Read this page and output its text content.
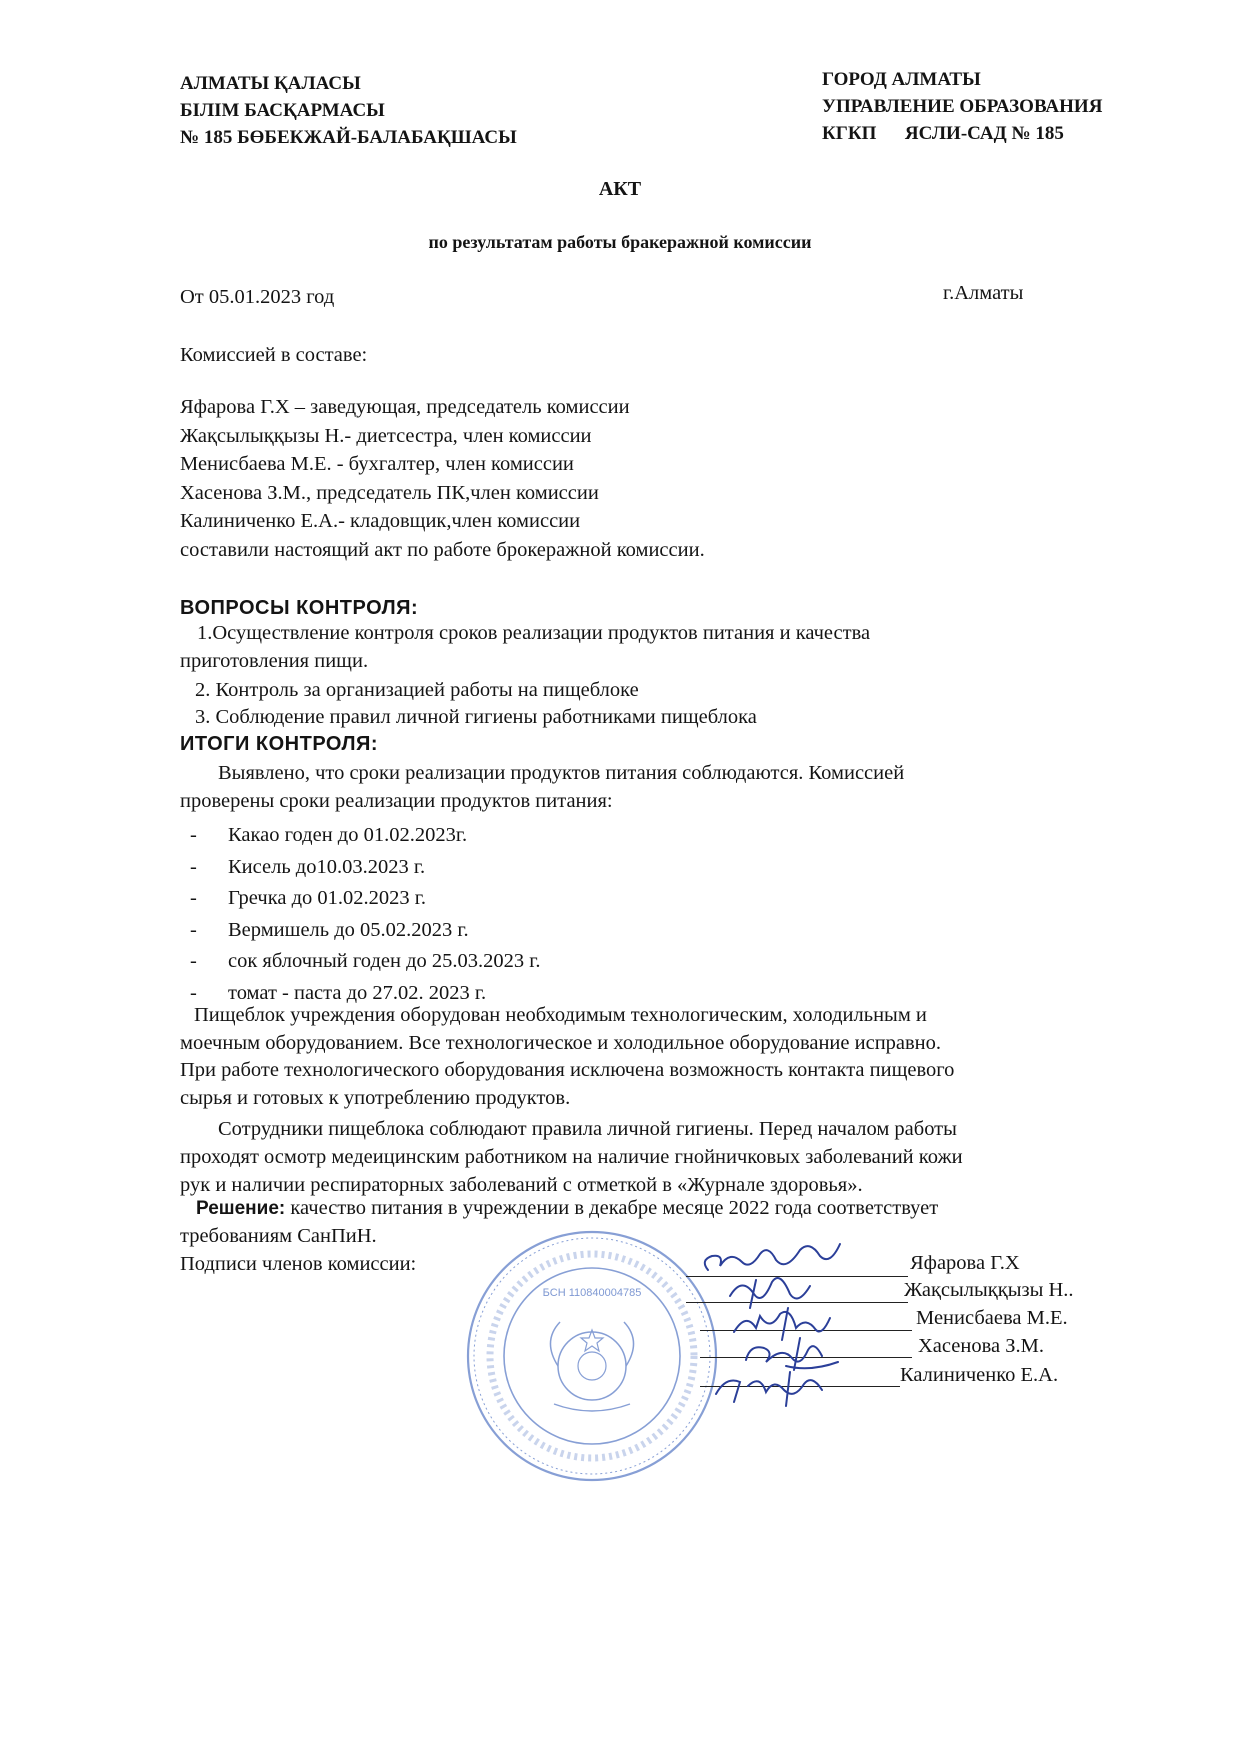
АЛМАТЫ ҚАЛАСЫ
БІЛІМ БАСҚАРМАСЫ
№ 185 БӨБЕКЖАЙ-БАЛАБАҚШАСЫ
ГОРОД АЛМАТЫ
УПРАВЛЕНИЕ ОБРАЗОВАНИЯ
КГКП      ЯСЛИ-САД № 185
АКТ
по результатам работы бракеражной комиссии
От 05.01.2023 год	г.Алматы
Комиссией в составе:
Яфарова Г.Х – заведующая, председатель комиссии
Жақсылыққызы Н.- диетсестра, член комиссии
Менисбаева М.Е. - бухгалтер, член комиссии
Хасенова З.М., председатель ПК,член комиссии
Калиниченко Е.А.- кладовщик,член комиссии
составили настоящий акт по работе брокеражной комиссии.
ВОПРОСЫ КОНТРОЛЯ:
1.Осуществление контроля сроков реализации продуктов питания и качества
приготовления пищи.
2. Контроль за организацией работы на пищеблоке
3. Соблюдение правил личной гигиены работниками пищеблока
ИТОГИ КОНТРОЛЯ:
Выявлено, что сроки реализации продуктов питания соблюдаются. Комиссией
проверены сроки реализации продуктов питания:
- Какао годен до 01.02.2023г.
- Кисель до10.03.2023 г.
- Гречка до 01.02.2023 г.
- Вермишель до 05.02.2023 г.
- сок яблочный годен до 25.03.2023 г.
- томат - паста до 27.02. 2023 г.
Пищеблок учреждения оборудован необходимым технологическим, холодильным и
моечным оборудованием. Все технологическое и холодильное оборудование исправно.
При работе технологического оборудования исключена возможность контакта пищевого
сырья и готовых к употреблению продуктов.
Сотрудники пищеблока соблюдают правила личной гигиены. Перед началом работы
проходят осмотр медеицинским работником на наличие гнойничковых заболеваний кожи
рук и наличии респираторных заболеваний с отметкой в «Журнале здоровья».
Решение: качество питания в учреждении в декабре месяце 2022 года соответствует
требованиям СанПиН.
Подписи членов комиссии:
БСН 110840004785
Яфарова Г.Х
Жақсылыққызы Н..
Менисбаева М.Е.
Хасенова З.М.
Калиниченко Е.А.
